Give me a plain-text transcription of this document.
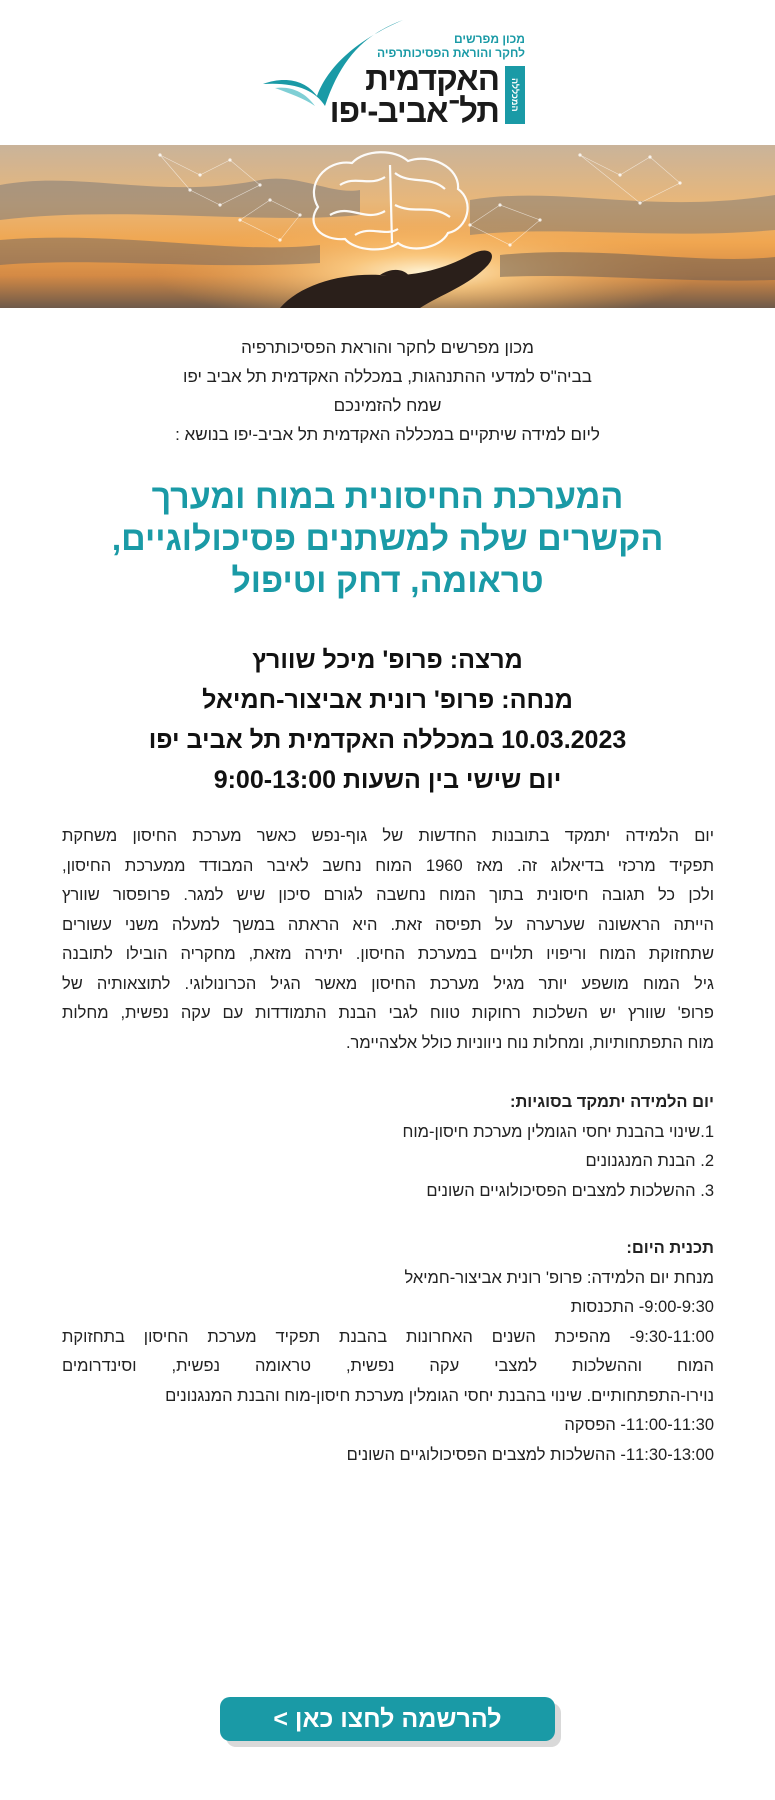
מכון מפרשים
לחקר והוראת הפסיכותרפיה
האקדמית
תל־אביב-יפו	המכללה
מכון מפרשים לחקר והוראת הפסיכותרפיה
בביה"ס למדעי ההתנהגות, במכללה האקדמית תל אביב יפו
שמח להזמינכם
ליום למידה שיתקיים במכללה האקדמית תל אביב-יפו בנושא :
המערכת החיסונית במוח ומערך
הקשרים שלה למשתנים פסיכולוגיים,
טראומה, דחק וטיפול
מרצה: פרופ' מיכל שוורץ
מנחה: פרופ' רונית אביצור-חמיאל
10.03.2023 במכללה האקדמית תל אביב יפו
יום שישי בין השעות 9:00-13:00
יום הלמידה יתמקד בתובנות החדשות של גוף-נפש כאשר מערכת החיסון משחקת
תפקיד מרכזי בדיאלוג זה. מאז 1960 המוח נחשב לאיבר המבודד ממערכת החיסון,
ולכן כל תגובה חיסונית בתוך המוח נחשבה לגורם סיכון שיש למגר. פרופסור שוורץ
הייתה הראשונה שערערה על תפיסה זאת. היא הראתה במשך למעלה משני עשורים
שתחזוקת המוח וריפויו תלויים במערכת החיסון. יתירה מזאת, מחקריה הובילו לתובנה
גיל המוח מושפע יותר מגיל מערכת החיסון מאשר הגיל הכרונולוגי. לתוצאותיה של
פרופ' שוורץ יש השלכות רחוקות טווח לגבי הבנת התמודדות עם עקה נפשית, מחלות
מוח התפתחותיות, ומחלות נוח ניווניות כולל אלצהיימר.
יום הלמידה יתמקד בסוגיות:
1.שינוי בהבנת יחסי הגומלין מערכת חיסון-מוח
2. הבנת המנגנונים
3. ההשלכות למצבים הפסיכולוגיים השונים
תכנית היום:
מנחת יום הלמידה: פרופ' רונית אביצור-חמיאל
9:00-9:30- התכנסות
9:30-11:00- מהפיכת השנים האחרונות בהבנת תפקיד מערכת החיסון בתחזוקת
המוח וההשלכות למצבי עקה נפשית, טראומה נפשית, וסינדרומים
נוירו-התפתחותיים. שינוי בהבנת יחסי הגומלין מערכת חיסון-מוח והבנת המנגנונים
11:00-11:30- הפסקה
11:30-13:00- ההשלכות למצבים הפסיכולוגיים השונים
להרשמה לחצו כאן >
